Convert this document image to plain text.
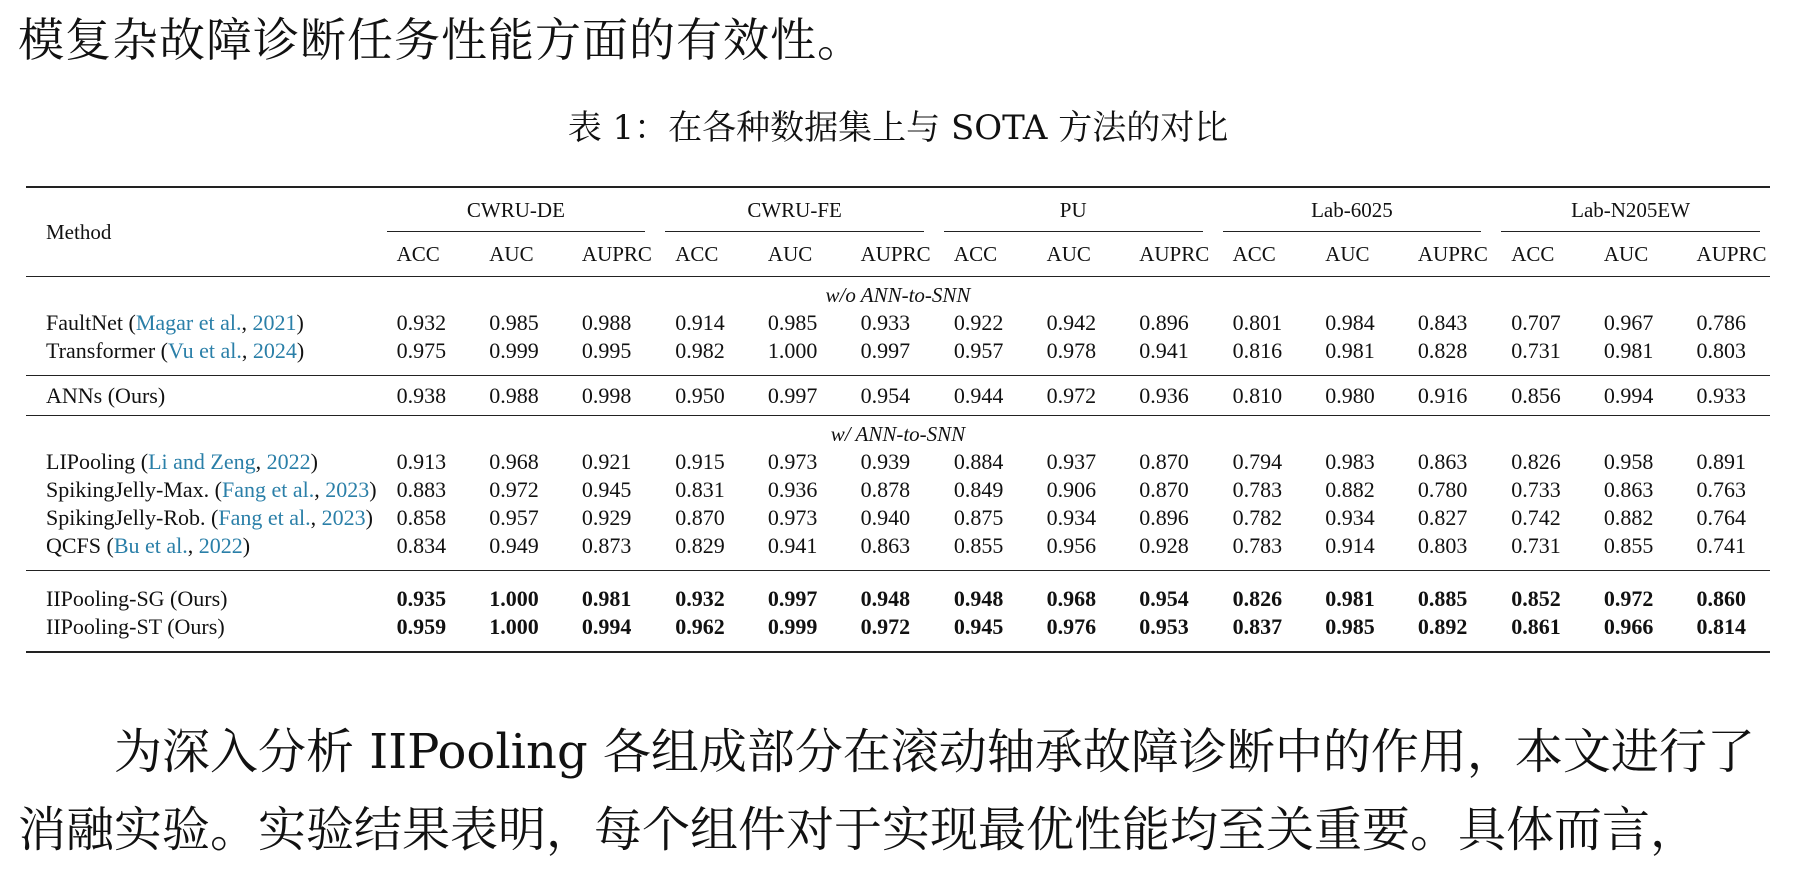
模复杂故障诊断任务性能方面的有效性。
表 1：在各种数据集上与 SOTA 方法的对比
Method	CWRU-DE			CWRU-FE			PU			Lab-6025			Lab-N205EW		

	ACC	AUC	AUPRC	ACC	AUC	AUPRC	ACC	AUC	AUPRC	ACC	AUC	AUPRC	ACC	AUC	AUPRC
w/o ANN-to-SNN															
FaultNet (Magar et al., 2021)	0.932	0.985	0.988	0.914	0.985	0.933	0.922	0.942	0.896	0.801	0.984	0.843	0.707	0.967	0.786
Transformer (Vu et al., 2024)	0.975	0.999	0.995	0.982	1.000	0.997	0.957	0.978	0.941	0.816	0.981	0.828	0.731	0.981	0.803
ANNs (Ours)	0.938	0.988	0.998	0.950	0.997	0.954	0.944	0.972	0.936	0.810	0.980	0.916	0.856	0.994	0.933
w/ ANN-to-SNN															
LIPooling (Li and Zeng, 2022)	0.913	0.968	0.921	0.915	0.973	0.939	0.884	0.937	0.870	0.794	0.983	0.863	0.826	0.958	0.891
SpikingJelly-Max. (Fang et al., 2023)	0.883	0.972	0.945	0.831	0.936	0.878	0.849	0.906	0.870	0.783	0.882	0.780	0.733	0.863	0.763
SpikingJelly-Rob. (Fang et al., 2023)	0.858	0.957	0.929	0.870	0.973	0.940	0.875	0.934	0.896	0.782	0.934	0.827	0.742	0.882	0.764
QCFS (Bu et al., 2022)	0.834	0.949	0.873	0.829	0.941	0.863	0.855	0.956	0.928	0.783	0.914	0.803	0.731	0.855	0.741
IIPooling-SG (Ours)	0.935	1.000	0.981	0.932	0.997	0.948	0.948	0.968	0.954	0.826	0.981	0.885	0.852	0.972	0.860
IIPooling-ST (Ours)	0.959	1.000	0.994	0.962	0.999	0.972	0.945	0.976	0.953	0.837	0.985	0.892	0.861	0.966	0.814
　　为深入分析 IIPooling 各组成部分在滚动轴承故障诊断中的作用，本文进行了
消融实验。实验结果表明，每个组件对于实现最优性能均至关重要。具体而言，
